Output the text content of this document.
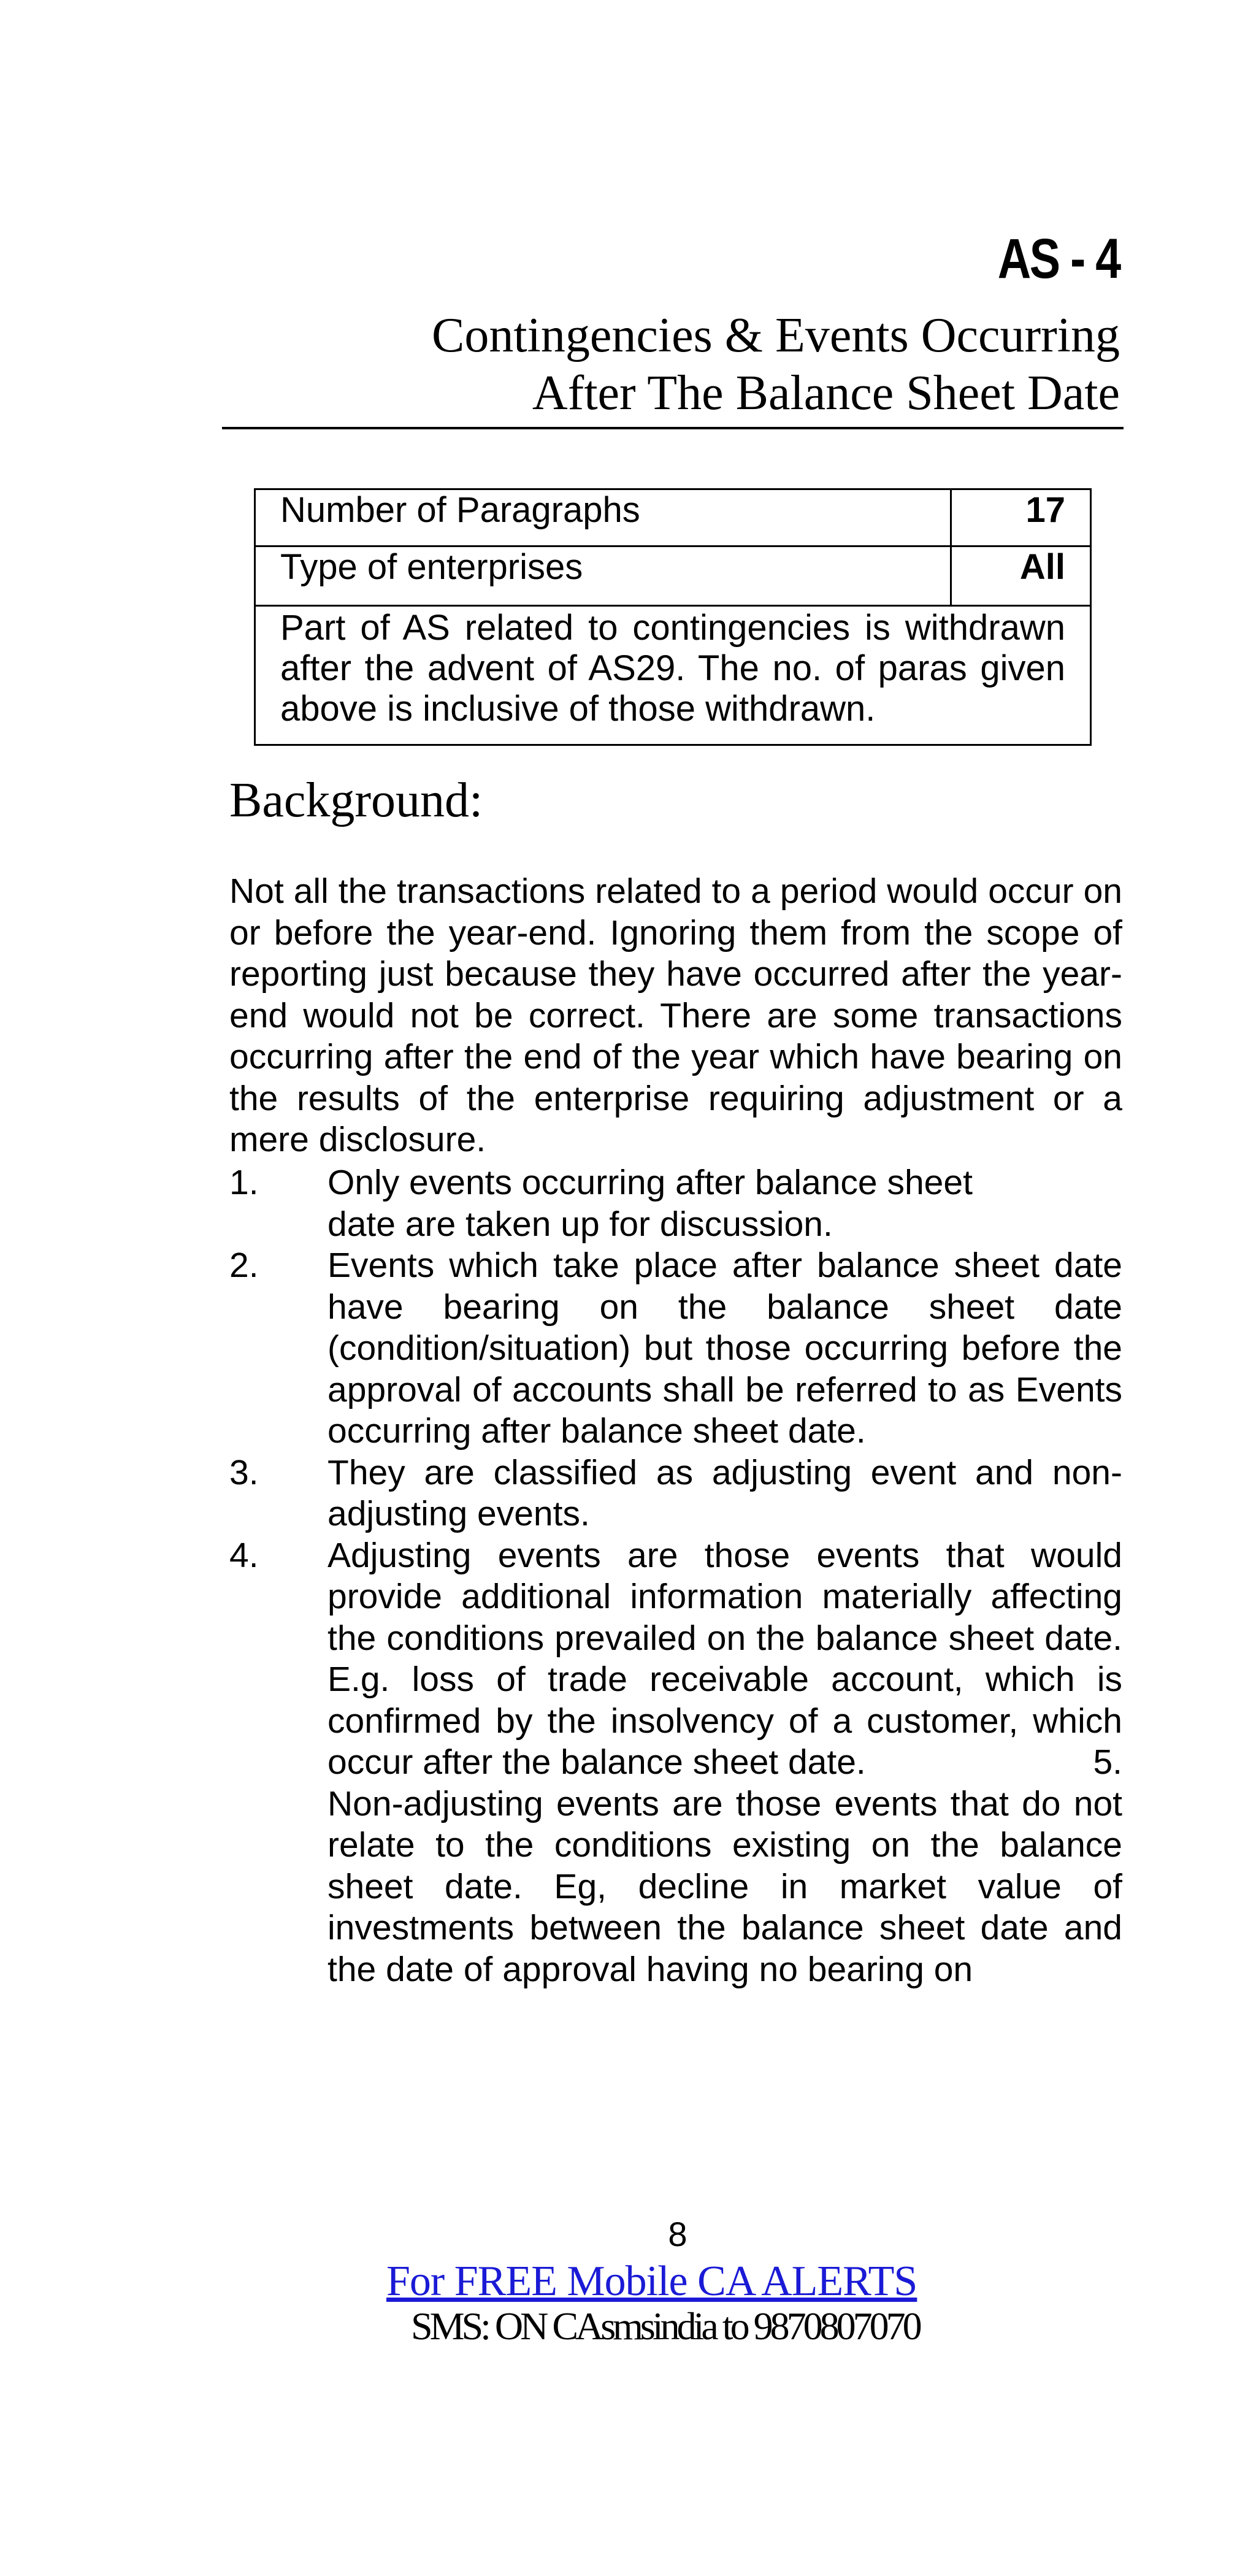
AS - 4
Contingencies & Events Occurring
After The Balance Sheet Date
Number of Paragraphs	17
Type of enterprises	All
Part of AS related to contingencies is withdrawn after the advent of AS29. The no. of paras given above is inclusive of those withdrawn.	
Background:
Not all the transactions related to a period would occur on or before the year-end. Ignoring them from the scope of reporting just because they have occurred after the year-end would not be correct. There are some transactions occurring after the end of the year which have bearing on the results of the enterprise requiring adjustment or a mere disclosure.
1.	Only events occurring after balance sheet date are taken up for discussion.
2.	Events which take place after balance sheet date have bearing on the balance sheet date (condition/situation) but those occurring before the approval of accounts shall be referred to as Events occurring after balance sheet date.
3.	They are classified as adjusting event and non-adjusting events.
4.	Adjusting events are those events that would provide additional information materially affecting the conditions prevailed on the balance sheet date. E.g. loss of trade receivable account, which is confirmed by the insolvency of a customer, which occur after the balance sheet date.	5.

Non-adjusting events are those events that do not relate to the conditions existing on the balance sheet date. Eg, decline in market value of investments between the balance sheet date and the date of approval having no bearing on
8
For FREE Mobile CA ALERTS
SMS: ON CAsmsindia to 9870807070
